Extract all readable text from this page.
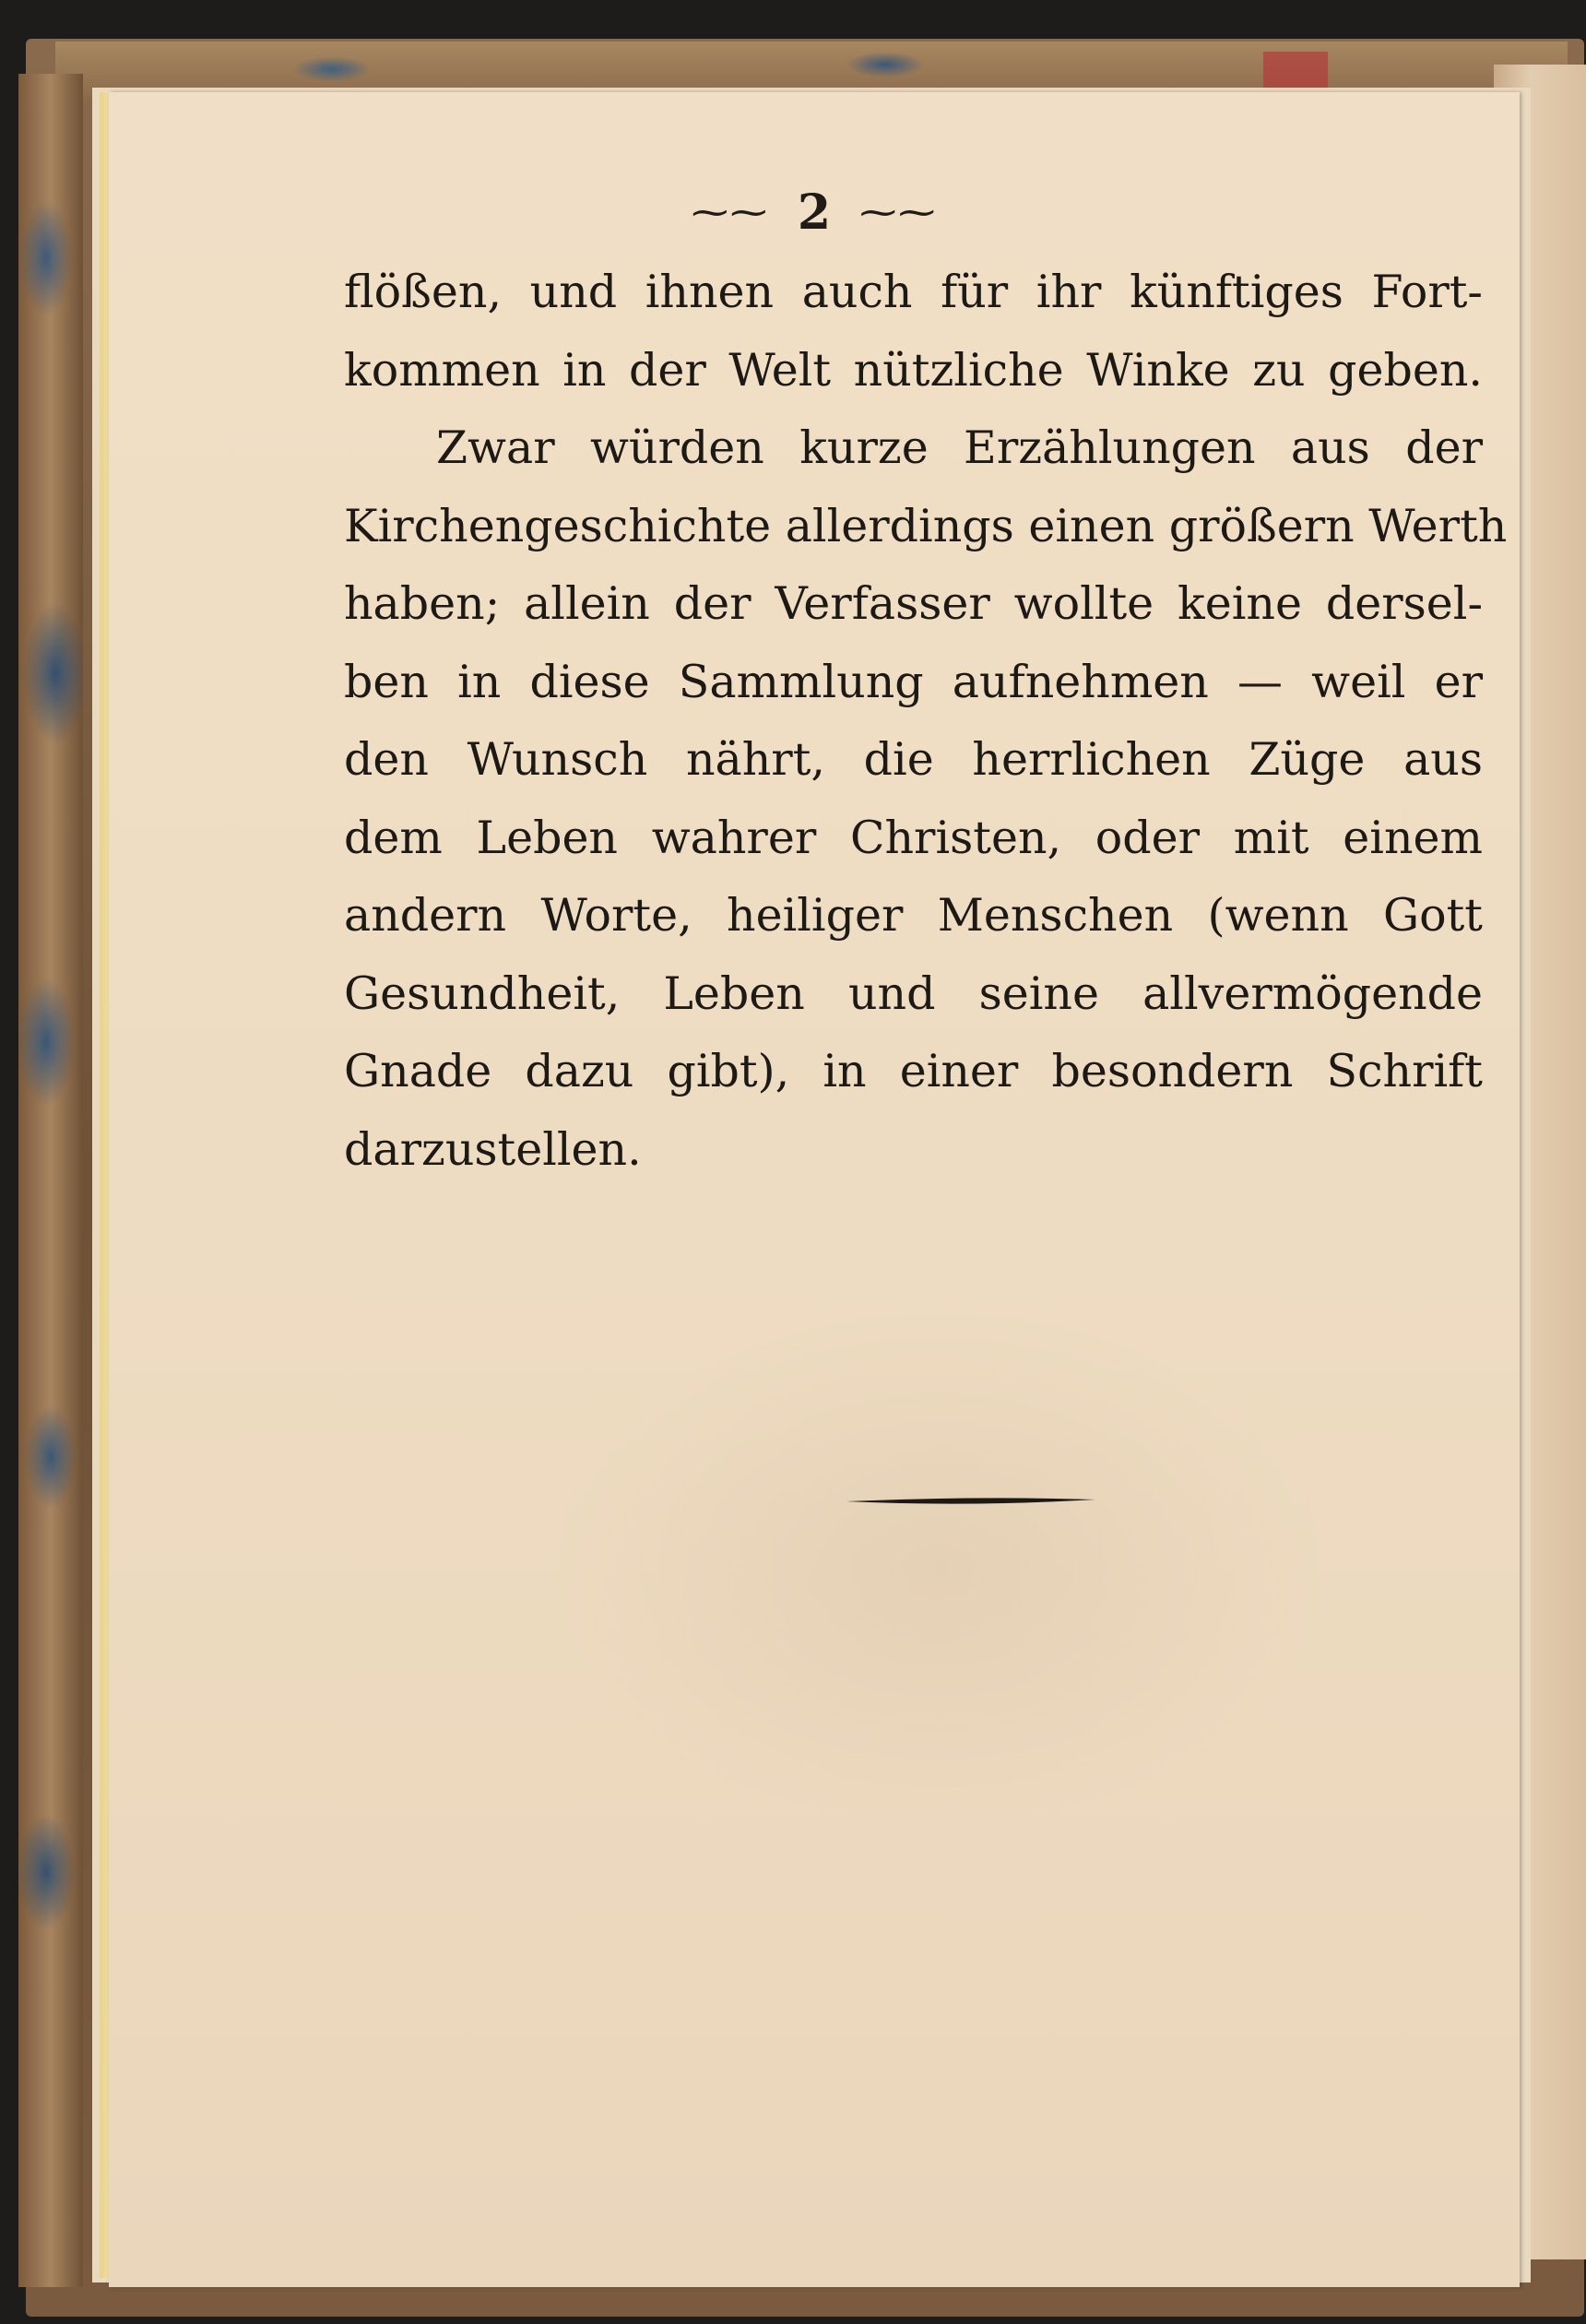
⁓⁓ 2 ⁓⁓
flößen, und ihnen auch für ihr künftiges Fort-
kommen in der Welt nützliche Winke zu geben.
Zwar würden kurze Erzählungen aus der
Kirchengeschichte allerdings einen größern Werth
haben; allein der Verfasser wollte keine dersel-
ben in diese Sammlung aufnehmen — weil er
den Wunsch nährt, die herrlichen Züge aus
dem Leben wahrer Christen, oder mit einem
andern Worte, heiliger Menschen (wenn Gott
Gesundheit, Leben und seine allvermögende
Gnade dazu gibt), in einer besondern Schrift
darzustellen.
